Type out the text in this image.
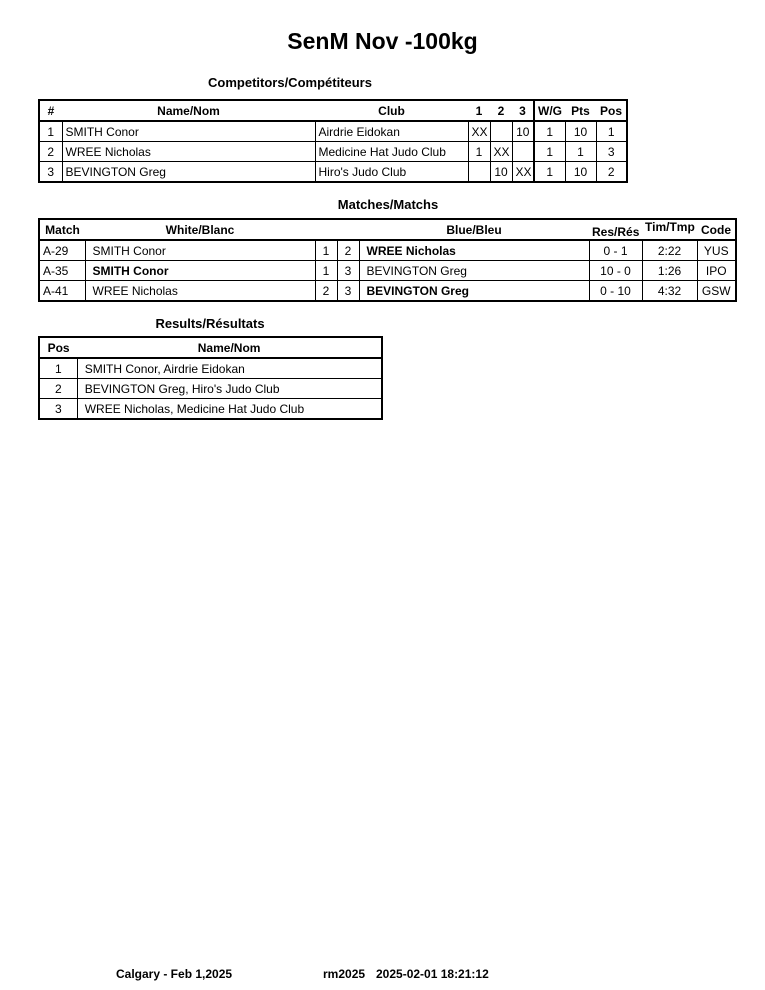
SenM Nov -100kg
Competitors/Compétiteurs
#	Name/Nom	Club	1	2	3	W/G	Pts	Pos
1	SMITH Conor	Airdrie Eidokan	XX		10	1	10	1
2	WREE Nicholas	Medicine Hat Judo Club	1	XX		1	1	3
3	BEVINGTON Greg	Hiro's Judo Club		10	XX	1	10	2
Matches/Matchs
Match	White/Blanc			Blue/Bleu	Res/Rés	Tim/Tmp	Code
A-29	SMITH Conor	1	2	WREE Nicholas	0 - 1	2:22	YUS
A-35	SMITH Conor	1	3	BEVINGTON Greg	10 - 0	1:26	IPO
A-41	WREE Nicholas	2	3	BEVINGTON Greg	0 - 10	4:32	GSW
Results/Résultats
Pos	Name/Nom
1	SMITH Conor, Airdrie Eidokan
2	BEVINGTON Greg, Hiro's Judo Club
3	WREE Nicholas, Medicine Hat Judo Club
Calgary - Feb 1,2025	rm2025 2025-02-01 18:21:12
